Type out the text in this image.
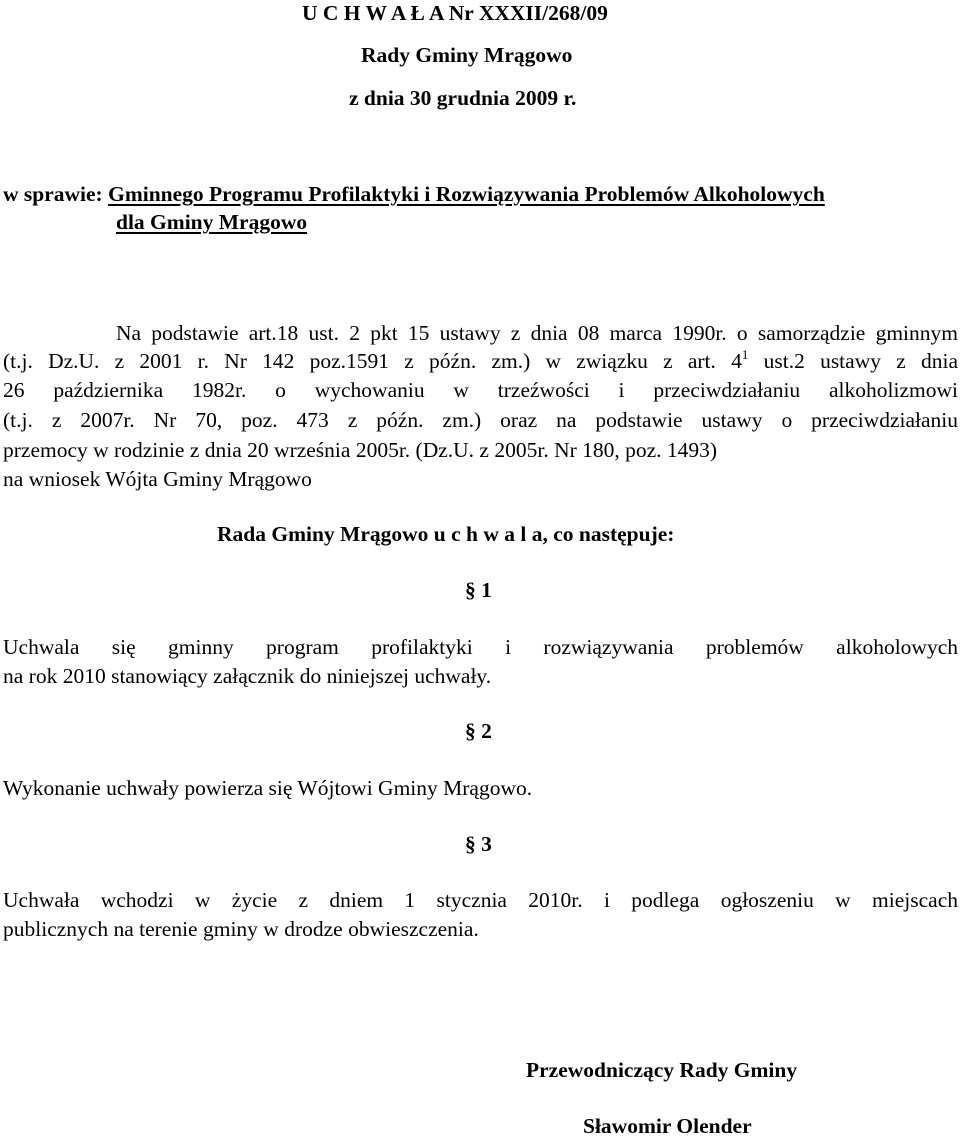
U C H W A Ł A Nr XXXII/268/09
Rady Gminy Mrągowo
z dnia 30 grudnia 2009 r.
w sprawie: Gminnego Programu Profilaktyki i Rozwiązywania Problemów Alkoholowych
dla Gminy Mrągowo
Na podstawie art.18 ust. 2 pkt 15 ustawy z dnia 08 marca 1990r. o samorządzie gminnym
(t.j. Dz.U. z 2001 r. Nr 142 poz.1591 z późn. zm.) w związku z art. $4^1$ ust.2 ustawy z dnia
26 października 1982r. o wychowaniu w trzeźwości i przeciwdziałaniu alkoholizmowi
(t.j. z 2007r. Nr 70, poz. 473 z późn. zm.) oraz na podstawie ustawy o przeciwdziałaniu
przemocy w rodzinie z dnia 20 września 2005r. (Dz.U. z 2005r. Nr 180, poz. 1493)
na wniosek Wójta Gminy Mrągowo
Rada Gminy Mrągowo u c h w a l a, co następuje:
§ 1
Uchwala się gminny program profilaktyki i rozwiązywania problemów alkoholowych
na rok 2010 stanowiący załącznik do niniejszej uchwały.
§ 2
Wykonanie uchwały powierza się Wójtowi Gminy Mrągowo.
§ 3
Uchwała wchodzi w życie z dniem 1 stycznia 2010r. i podlega ogłoszeniu w miejscach
publicznych na terenie gminy w drodze obwieszczenia.
Przewodniczący Rady Gminy
Sławomir Olender
